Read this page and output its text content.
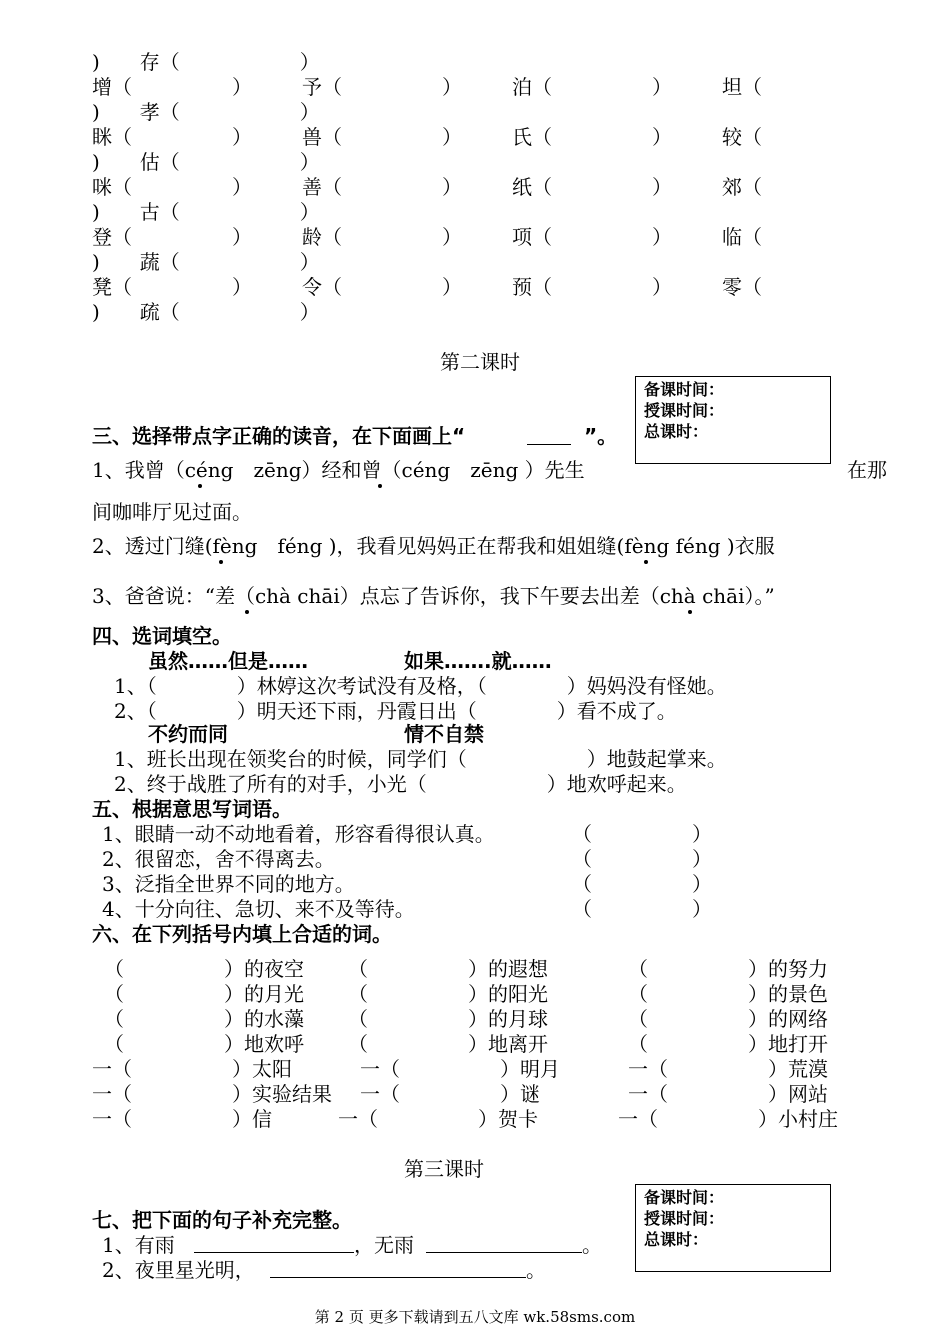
)　　存（　　　　　　）
增（　　　　　）　　　予（　　　　　）　　　泊（　　　　　）　　　坦（
)　　孝（　　　　　　）
眯（　　　　　）　　　兽（　　　　　）　　　氏（　　　　　）　　　较（
)　　估（　　　　　　）
咪（　　　　　）　　　善（　　　　　）　　　纸（　　　　　）　　　郊（
)　　古（　　　　　　）
登（　　　　　）　　　龄（　　　　　）　　　项（　　　　　）　　　临（
)　　蔬（　　　　　　）
凳（　　　　　）　　　令（　　　　　）　　　预（　　　　　）　　　零（
)　　疏（　　　　　　）
第二课时
备课时间：
授课时间：
总课时：
三、选择带点字正确的读音，在下面画上“	”。
1、我曾（céng　zēng）经和曾（céng　zēng ）先生	在那
间咖啡厅见过面。
2、透过门缝(fèng　féng )，我看见妈妈正在帮我和姐姐缝(fèng féng )衣服
3、爸爸说：“差（chà chāi）点忘了告诉你，我下午要去出差（chà chāi）。”
四、选词填空。
虽然……但是……	如果…….就……
1、（　　　　）林婷这次考试没有及格，（　　　　）妈妈没有怪她。
2、（　　　　）明天还下雨，丹霞日出（　　　　）看不成了。
不约而同	情不自禁
1、班长出现在领奖台的时候，同学们（　　　　　　）地鼓起掌来。
2、终于战胜了所有的对手，小光（　　　　　　）地欢呼起来。
五、根据意思写词语。
1、眼睛一动不动地看着，形容看得很认真。	（　　　　　）
2、很留恋，舍不得离去。	（　　　　　）
3、泛指全世界不同的地方。	（　　　　　）
4、十分向往、急切、来不及等待。	（　　　　　）
六、在下列括号内填上合适的词。
（　　　　　）的夜空 （　　　　　）的遐想	（　　　　　）的努力
（　　　　　）的月光 （　　　　　）的阳光	（　　　　　）的景色
（　　　　　）的水藻 （　　　　　）的月球	（　　　　　）的网络
（　　　　　）地欢呼 （　　　　　）地离开	（　　　　　）地打开
一（　　　　　）太阳	一（　　　　　）明月	一（　　　　　）荒漠
一（　　　　　）实验结果 一（　　　　　）谜	一（　　　　　）网站
一（　　　　　）信	一（　　　　　）贺卡	一（　　　　　）小村庄
第三课时
备课时间：
授课时间：
总课时：
七、把下面的句子补充完整。
1、有雨	，无雨	。
2、夜里星光明，	。
第 2 页 更多下载请到五八文库 wk.58sms.com
